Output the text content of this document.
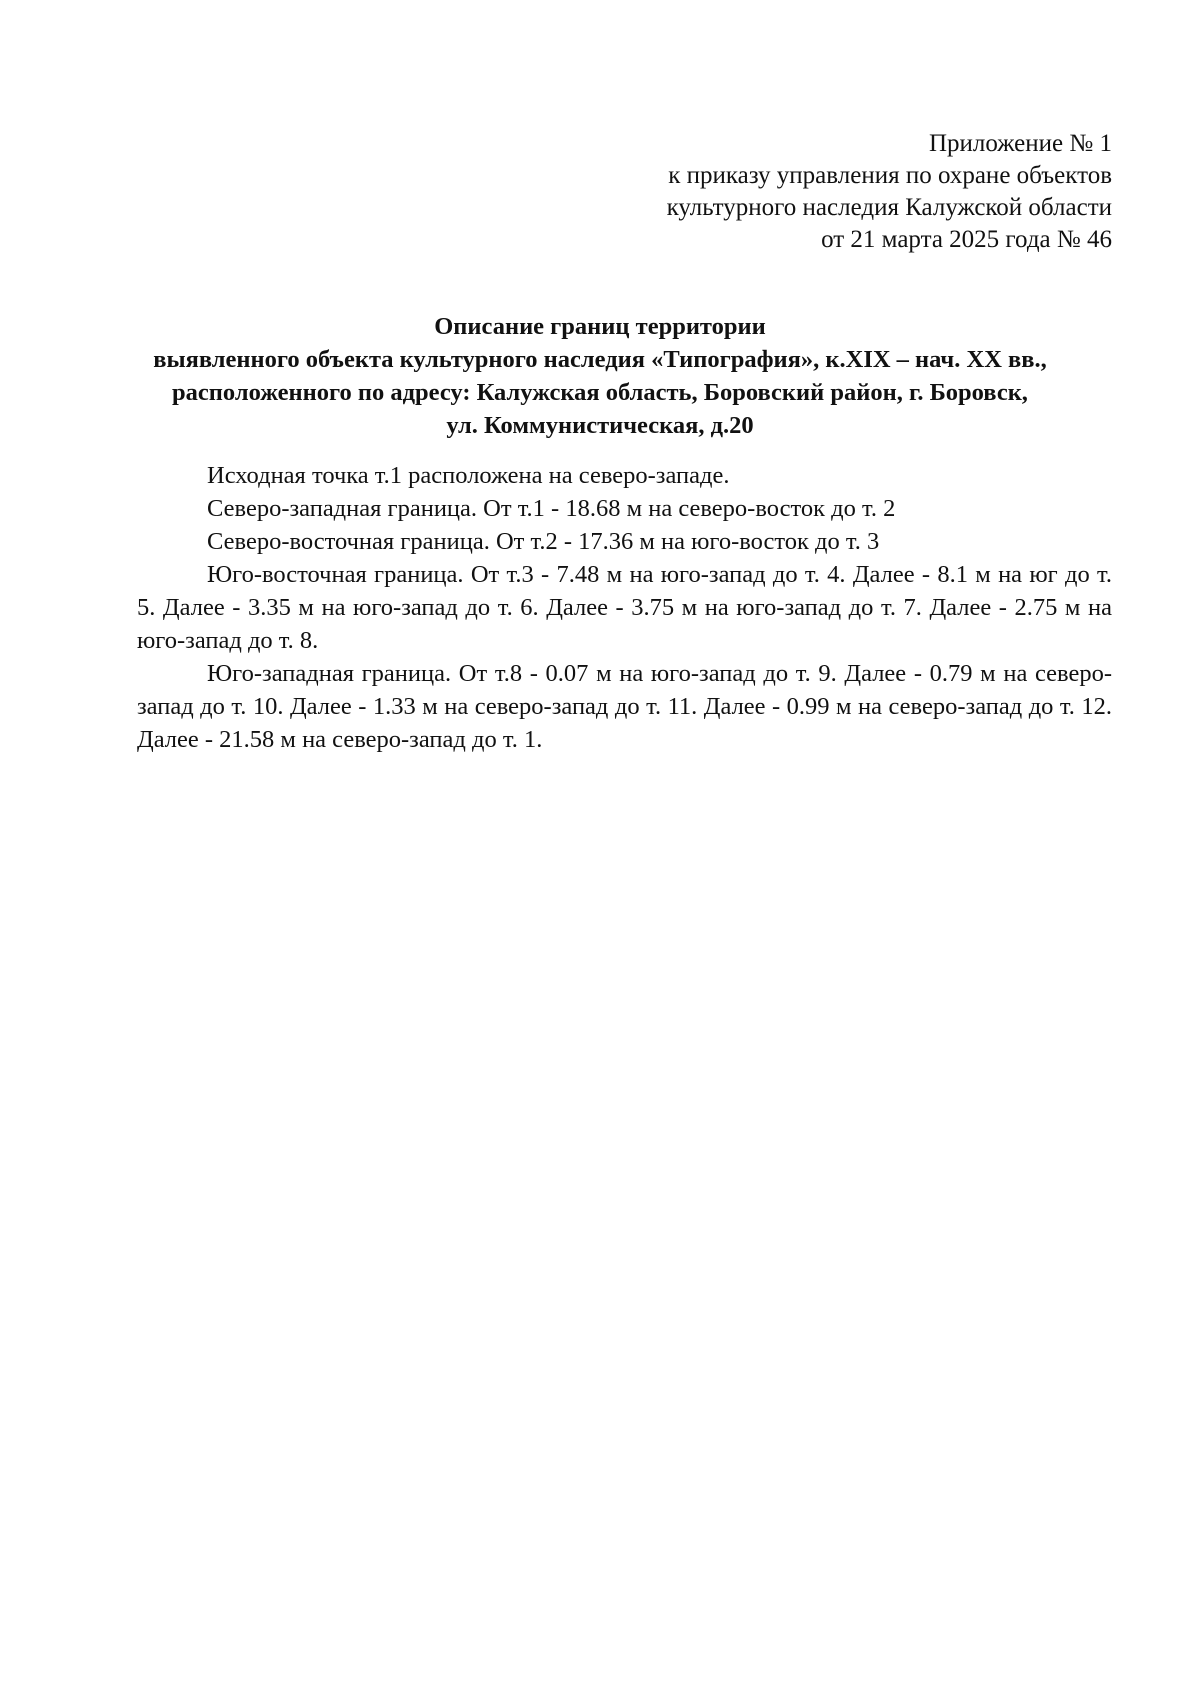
Приложение № 1
к приказу управления по охране объектов
культурного наследия Калужской области
от 21 марта 2025 года № 46
Описание границ территории
выявленного объекта культурного наследия «Типография», к.XIX – нач. XX вв.,
расположенного по адресу: Калужская область, Боровский район, г. Боровск,
ул. Коммунистическая, д.20

Исходная точка т.1 расположена на северо-западе.

Северо-западная граница. От т.1 - 18.68 м на северо-восток до т. 2

Северо-восточная граница. От т.2 - 17.36 м на юго-восток до т. 3

Юго-восточная граница. От т.3 - 7.48 м на юго-запад до т. 4. Далее - 8.1 м на юг до т. 5. Далее - 3.35 м на юго-запад до т. 6. Далее - 3.75 м на юго-запад до т. 7. Далее - 2.75 м на юго-запад до т. 8.

Юго-западная граница. От т.8 - 0.07 м на юго-запад до т. 9. Далее - 0.79 м на северо-запад до т. 10. Далее - 1.33 м на северо-запад до т. 11. Далее - 0.99 м на северо-запад до т. 12. Далее - 21.58 м на северо-запад до т. 1.
